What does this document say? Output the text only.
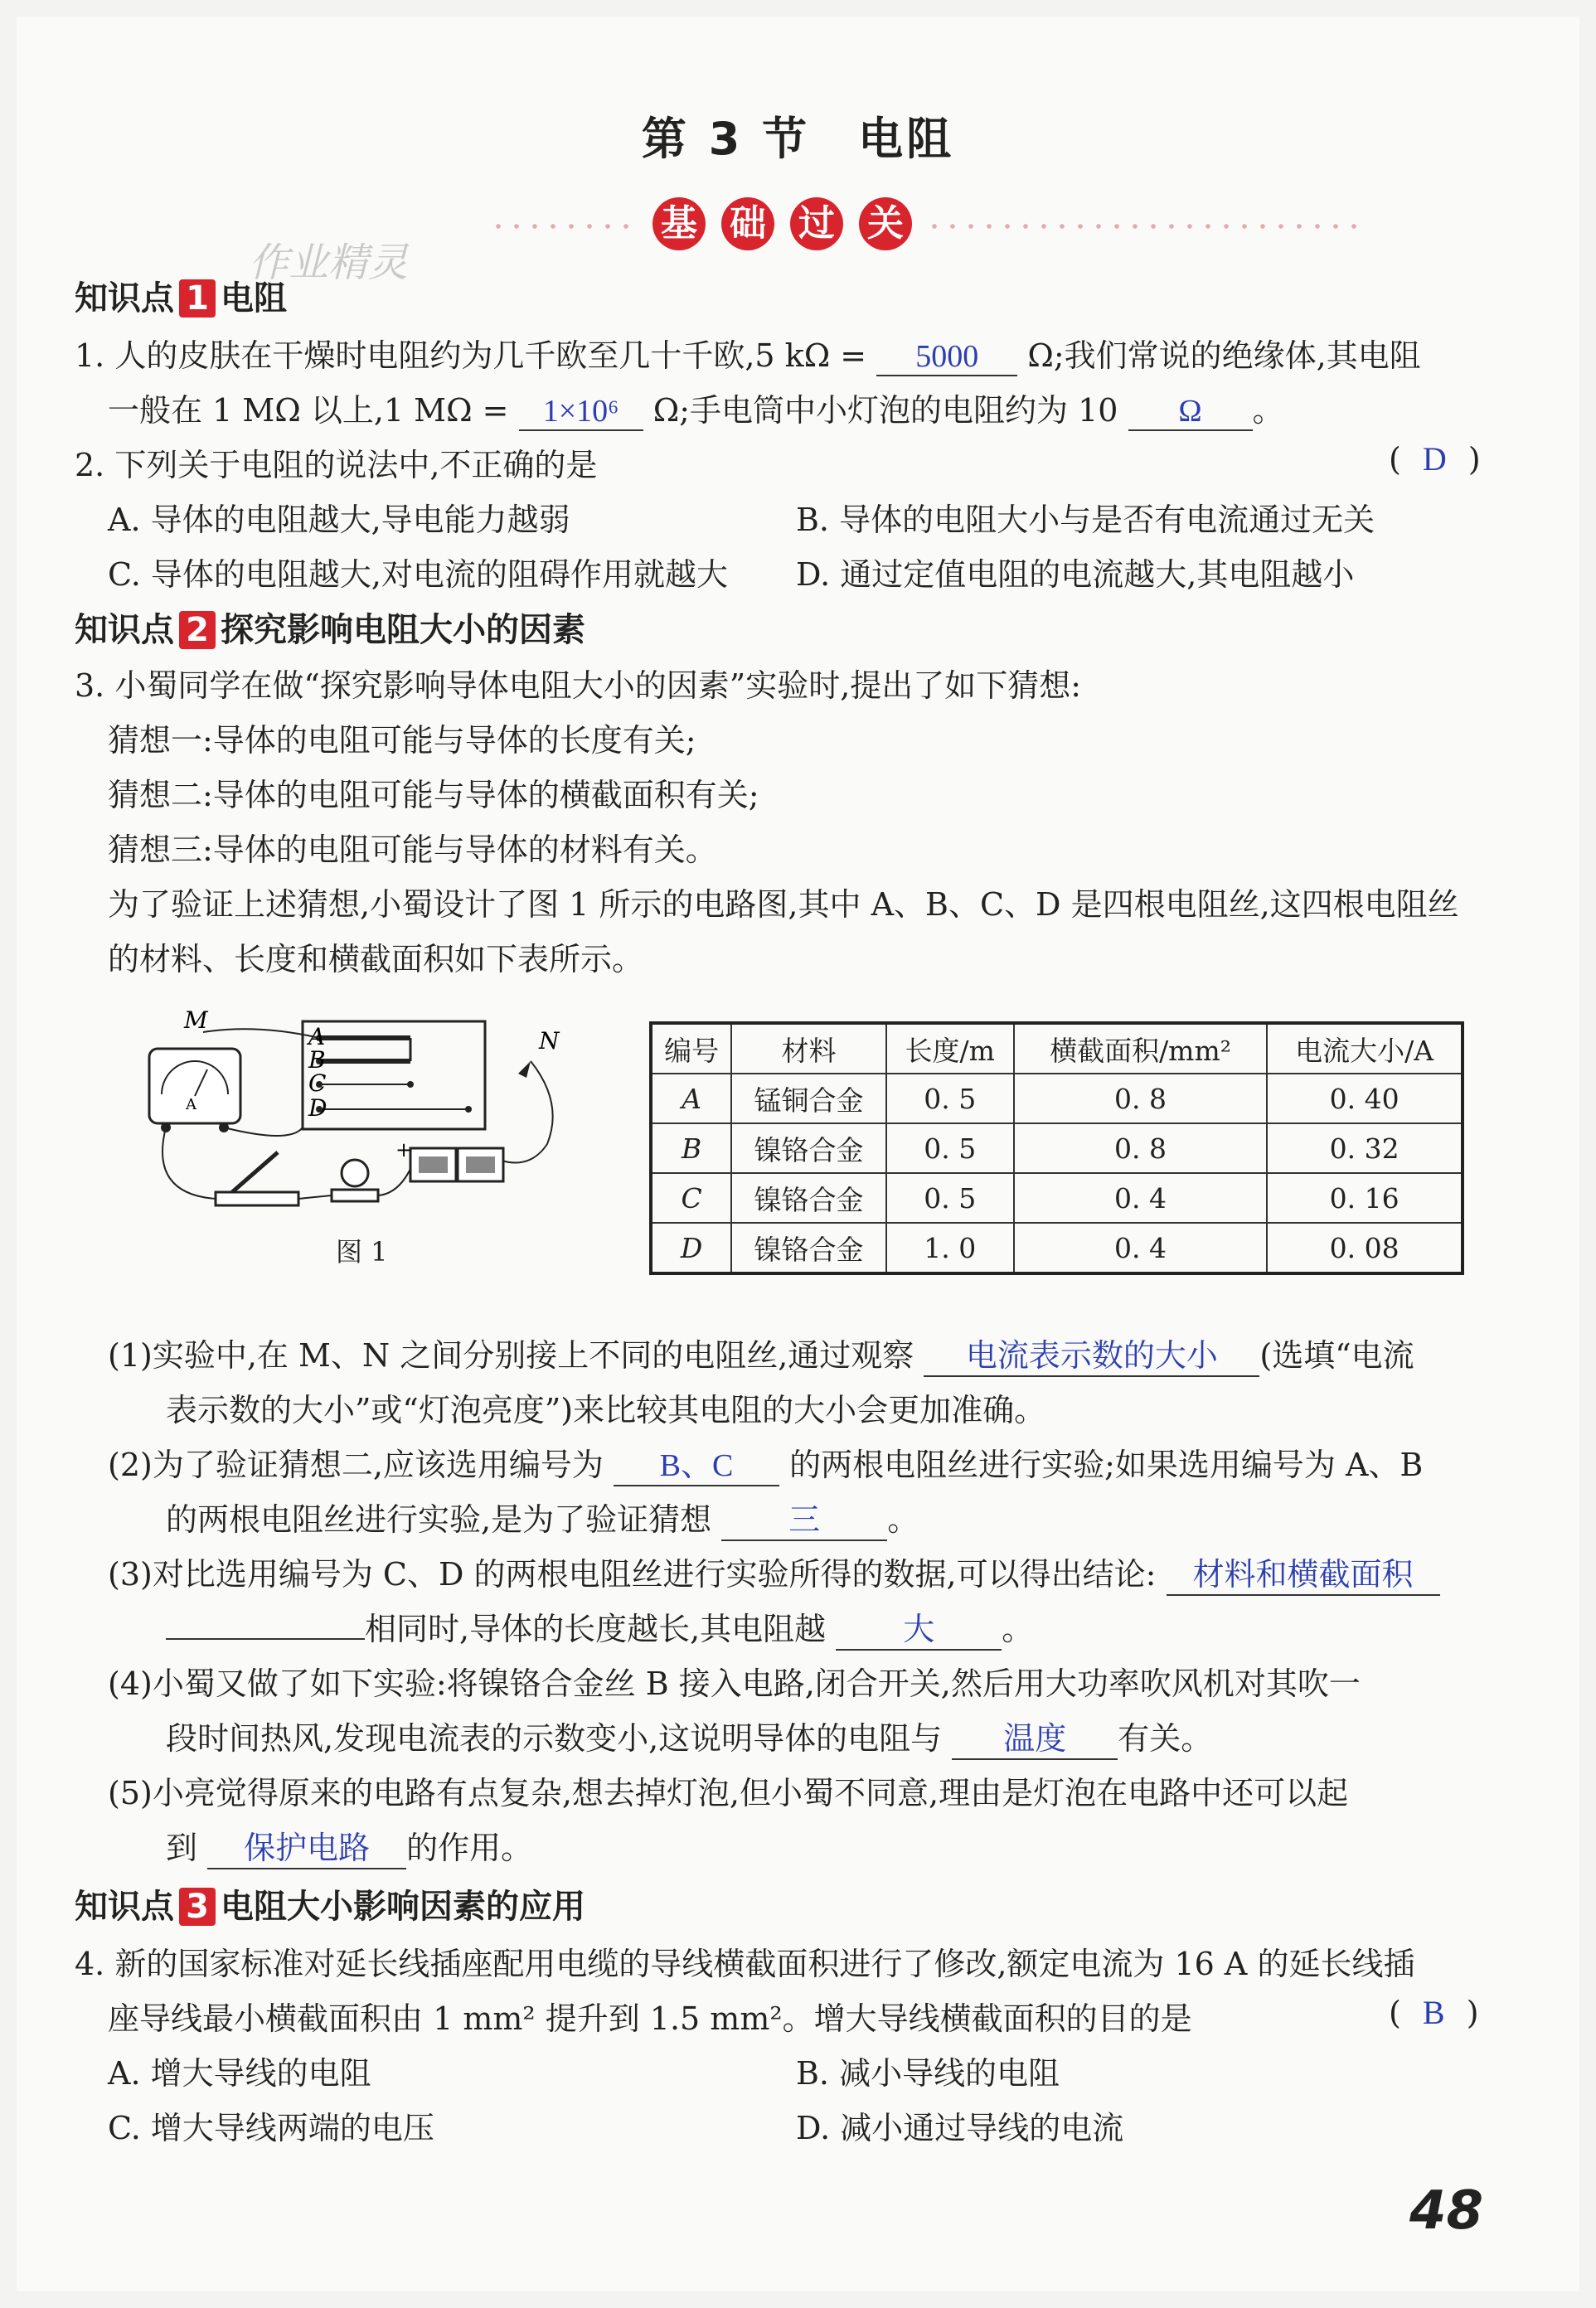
第 3 节　电阻
基 础 过 关
作业精灵
知识点 1 电阻
1. 人的皮肤在干燥时电阻约为几千欧至几十千欧,5 kΩ = 5000 Ω;我们常说的绝缘体,其电阻
一般在 1 MΩ 以上,1 MΩ = 1×10⁶ Ω;手电筒中小灯泡的电阻约为 10 Ω 。
2. 下列关于电阻的说法中,不正确的是	( D )
A. 导体的电阻越大,导电能力越弱	B. 导体的电阻大小与是否有电流通过无关
C. 导体的电阻越大,对电流的阻碍作用就越大 D. 通过定值电阻的电流越大,其电阻越小
知识点 2 探究影响电阻大小的因素
3. 小蜀同学在做“探究影响导体电阻大小的因素”实验时,提出了如下猜想:
猜想一:导体的电阻可能与导体的长度有关;
猜想二:导体的电阻可能与导体的横截面积有关;
猜想三:导体的电阻可能与导体的材料有关。
为了验证上述猜想,小蜀设计了图 1 所示的电路图,其中 A、B、C、D 是四根电阻丝,这四根电阻丝
的材料、长度和横截面积如下表所示。
A
B
C
D
A
M
N
+
图 1
编号	材料	长度/m	横截面积/mm²	电流大小/A
A	锰铜合金	0. 5	0. 8	0. 40
B	镍铬合金	0. 5	0. 8	0. 32
C	镍铬合金	0. 5	0. 4	0. 16
D	镍铬合金	1. 0	0. 4	0. 08
(1)实验中,在 M、N 之间分别接上不同的电阻丝,通过观察 电流表示数的大小 (选填“电流
表示数的大小”或“灯泡亮度”)来比较其电阻的大小会更加准确。
(2)为了验证猜想二,应该选用编号为 B、C 的两根电阻丝进行实验;如果选用编号为 A、B
的两根电阻丝进行实验,是为了验证猜想 三 。
(3)对比选用编号为 C、D 的两根电阻丝进行实验所得的数据,可以得出结论: 材料和横截面积
相同时,导体的长度越长,其电阻越 大 。
(4)小蜀又做了如下实验:将镍铬合金丝 B 接入电路,闭合开关,然后用大功率吹风机对其吹一
段时间热风,发现电流表的示数变小,这说明导体的电阻与 温度 有关。
(5)小亮觉得原来的电路有点复杂,想去掉灯泡,但小蜀不同意,理由是灯泡在电路中还可以起
到 保护电路 的作用。
知识点 3 电阻大小影响因素的应用
4. 新的国家标准对延长线插座配用电缆的导线横截面积进行了修改,额定电流为 16 A 的延长线插
座导线最小横截面积由 1 mm² 提升到 1.5 mm²。增大导线横截面积的目的是	( B )
A. 增大导线的电阻	B. 减小导线的电阻
C. 增大导线两端的电压	D. 减小通过导线的电流
48
